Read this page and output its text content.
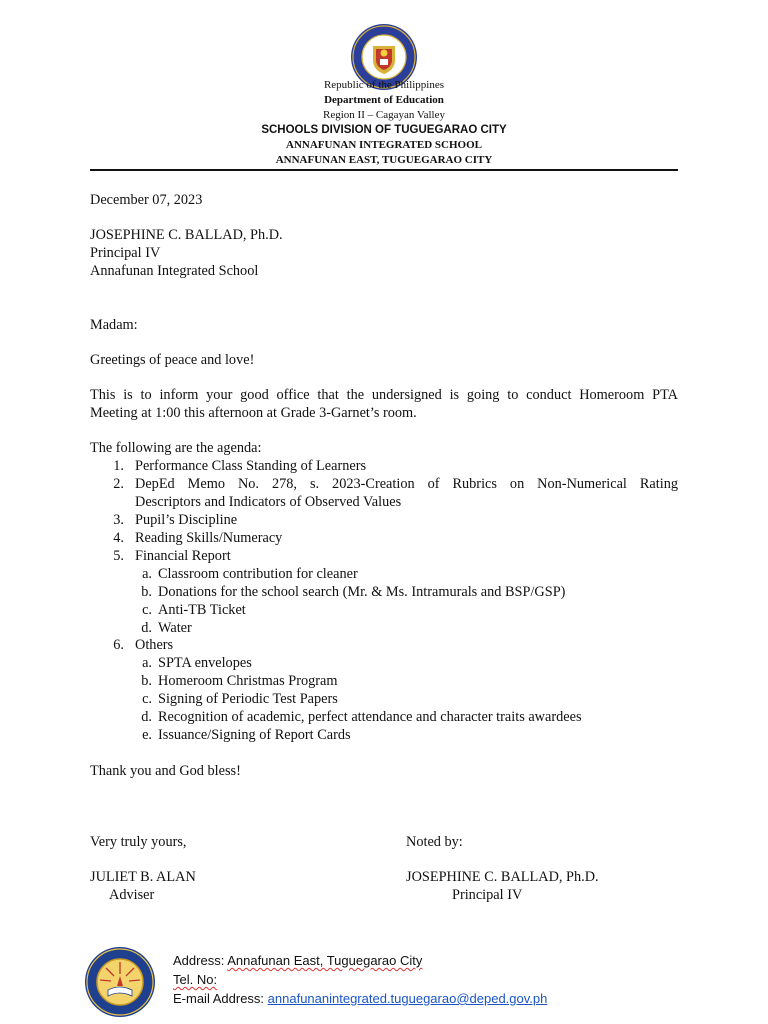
Republic of the Philippines
Department of Education
Region II – Cagayan Valley
SCHOOLS DIVISION OF TUGUEGARAO CITY
ANNAFUNAN INTEGRATED SCHOOL
ANNAFUNAN EAST, TUGUEGARAO CITY
December 07, 2023
JOSEPHINE C. BALLAD, Ph.D.
Principal IV
Annafunan Integrated School
Madam:
Greetings of peace and love!
This is to inform your good office that the undersigned is going to conduct Homeroom PTA
Meeting at 1:00 this afternoon at Grade 3-Garnet’s room.
The following are the agenda:
1. Performance Class Standing of Learners
2. DepEd Memo No. 278, s. 2023-Creation of Rubrics on Non-Numerical Rating
Descriptors and Indicators of Observed Values
3. Pupil’s Discipline
4. Reading Skills/Numeracy
5. Financial Report
a. Classroom contribution for cleaner
b. Donations for the school search (Mr. & Ms. Intramurals and BSP/GSP)
c. Anti-TB Ticket
d. Water
6. Others
a. SPTA envelopes
b. Homeroom Christmas Program
c. Signing of Periodic Test Papers
d. Recognition of academic, perfect attendance and character traits awardees
e. Issuance/Signing of Report Cards
Thank you and God bless!
Very truly yours,	Noted by:
JULIET B. ALAN
Adviser
JOSEPHINE C. BALLAD, Ph.D.
Principal IV
Address: Annafunan East, Tuguegarao City
Tel. No:
E-mail Address: annafunanintegrated.tuguegarao@deped.gov.ph
